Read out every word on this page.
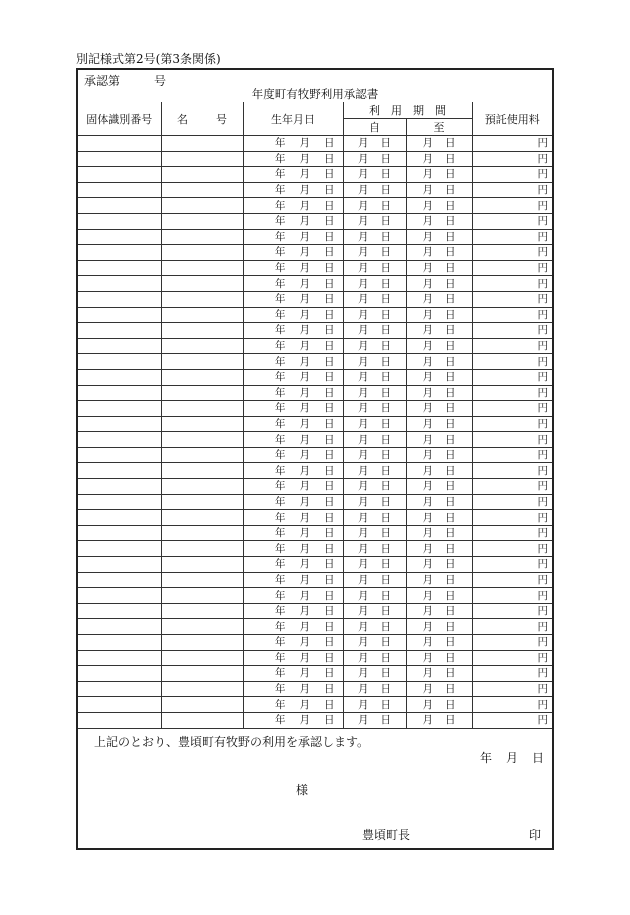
別記様式第2号(第3条関係)
承認第	号
年度町有牧野利用承認書
固体識別番号	名 号	生年月日	利　用　期　間		預託使用料
			自	至	
		年 月 日	月 日	月 日	円
		年 月 日	月 日	月 日	円
		年 月 日	月 日	月 日	円
		年 月 日	月 日	月 日	円
		年 月 日	月 日	月 日	円
		年 月 日	月 日	月 日	円
		年 月 日	月 日	月 日	円
		年 月 日	月 日	月 日	円
		年 月 日	月 日	月 日	円
		年 月 日	月 日	月 日	円
		年 月 日	月 日	月 日	円
		年 月 日	月 日	月 日	円
		年 月 日	月 日	月 日	円
		年 月 日	月 日	月 日	円
		年 月 日	月 日	月 日	円
		年 月 日	月 日	月 日	円
		年 月 日	月 日	月 日	円
		年 月 日	月 日	月 日	円
		年 月 日	月 日	月 日	円
		年 月 日	月 日	月 日	円
		年 月 日	月 日	月 日	円
		年 月 日	月 日	月 日	円
		年 月 日	月 日	月 日	円
		年 月 日	月 日	月 日	円
		年 月 日	月 日	月 日	円
		年 月 日	月 日	月 日	円
		年 月 日	月 日	月 日	円
		年 月 日	月 日	月 日	円
		年 月 日	月 日	月 日	円
		年 月 日	月 日	月 日	円
		年 月 日	月 日	月 日	円
		年 月 日	月 日	月 日	円
		年 月 日	月 日	月 日	円
		年 月 日	月 日	月 日	円
		年 月 日	月 日	月 日	円
		年 月 日	月 日	月 日	円
		年 月 日	月 日	月 日	円
		年 月 日	月 日	月 日	円
上記のとおり、豊頃町有牧野の利用を承認します。
年 月 日
様
豊頃町長	印
